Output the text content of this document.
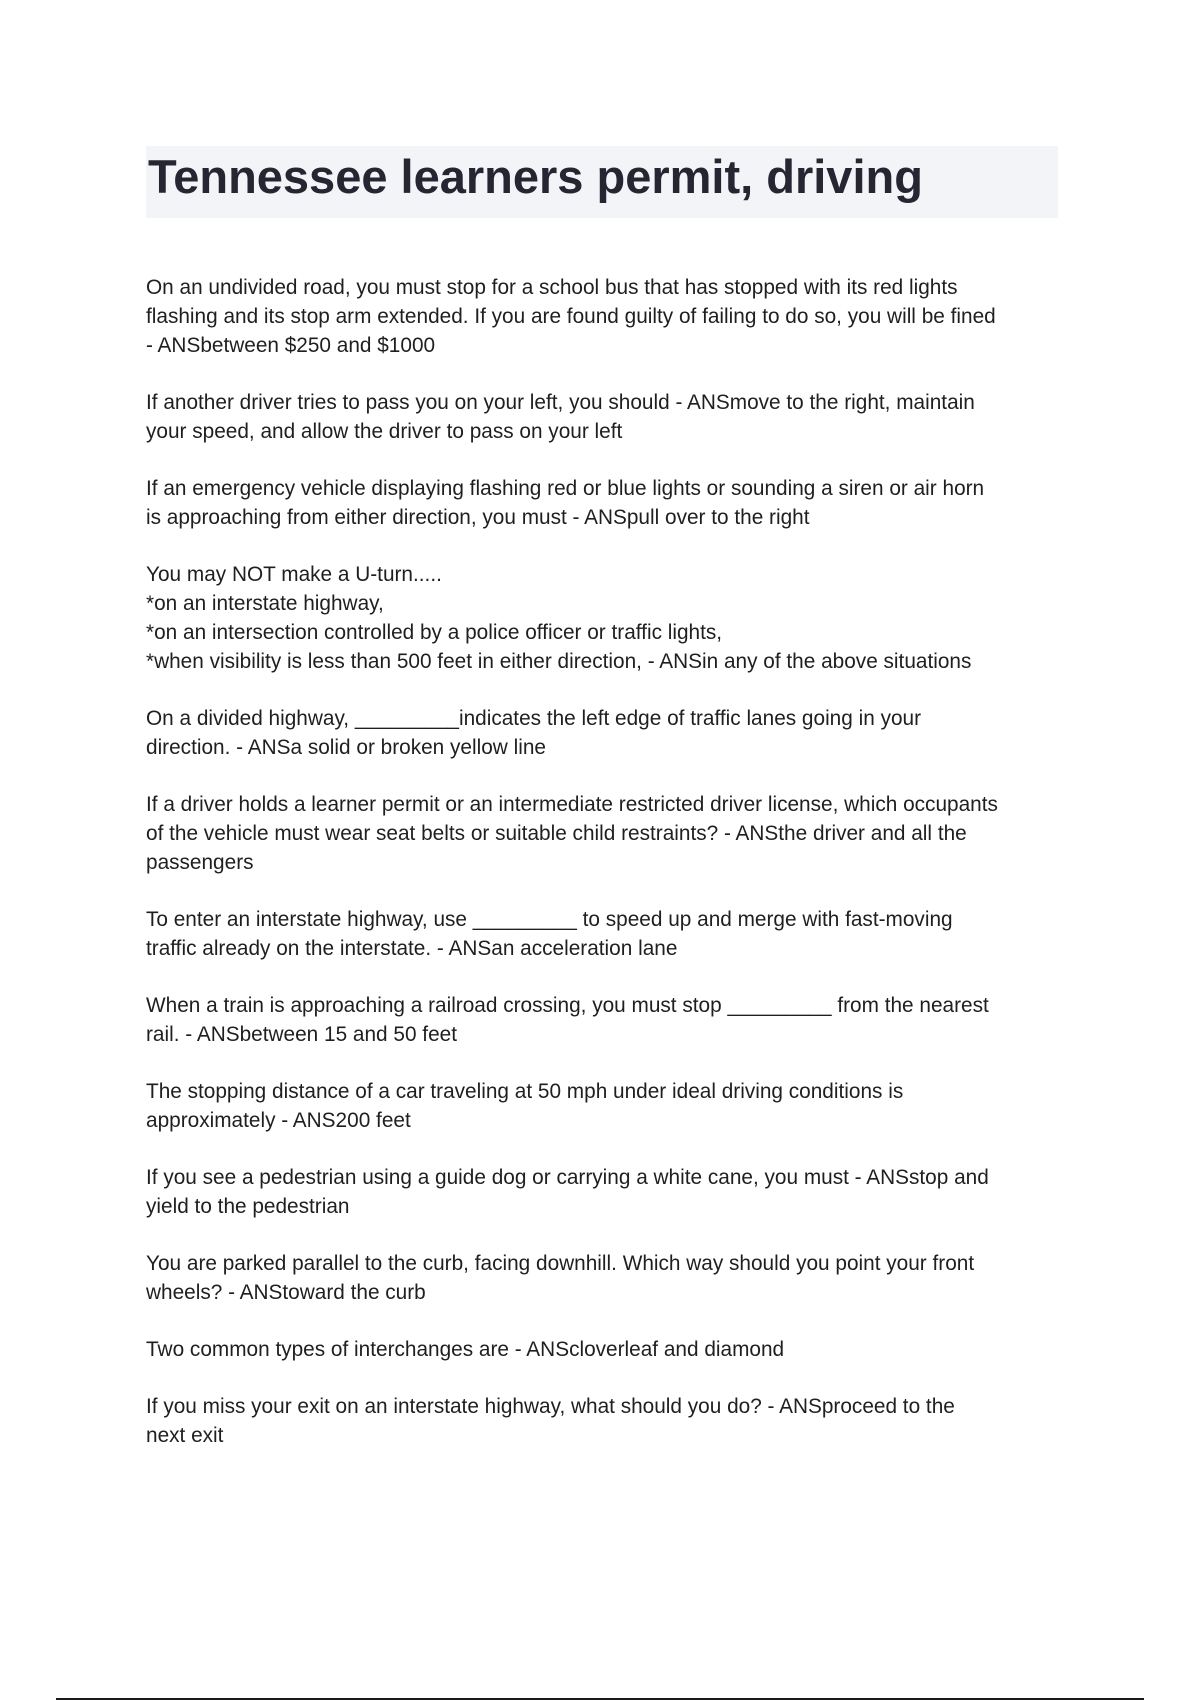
Tennessee learners permit, driving

On an undivided road, you must stop for a school bus that has stopped with its red lights
flashing and its stop arm extended. If you are found guilty of failing to do so, you will be fined
- ANSbetween $250 and $1000

If another driver tries to pass you on your left, you should - ANSmove to the right, maintain
your speed, and allow the driver to pass on your left

If an emergency vehicle displaying flashing red or blue lights or sounding a siren or air horn
is approaching from either direction, you must - ANSpull over to the right

You may NOT make a U-turn.....
*on an interstate highway,
*on an intersection controlled by a police officer or traffic lights,
*when visibility is less than 500 feet in either direction, - ANSin any of the above situations

On a divided highway, _________indicates the left edge of traffic lanes going in your
direction. - ANSa solid or broken yellow line

If a driver holds a learner permit or an intermediate restricted driver license, which occupants
of the vehicle must wear seat belts or suitable child restraints? - ANSthe driver and all the
passengers

To enter an interstate highway, use _________ to speed up and merge with fast-moving
traffic already on the interstate. - ANSan acceleration lane

When a train is approaching a railroad crossing, you must stop _________ from the nearest
rail. - ANSbetween 15 and 50 feet

The stopping distance of a car traveling at 50 mph under ideal driving conditions is
approximately - ANS200 feet

If you see a pedestrian using a guide dog or carrying a white cane, you must - ANSstop and
yield to the pedestrian

You are parked parallel to the curb, facing downhill. Which way should you point your front
wheels? - ANStoward the curb

Two common types of interchanges are - ANScloverleaf and diamond

If you miss your exit on an interstate highway, what should you do? - ANSproceed to the
next exit
